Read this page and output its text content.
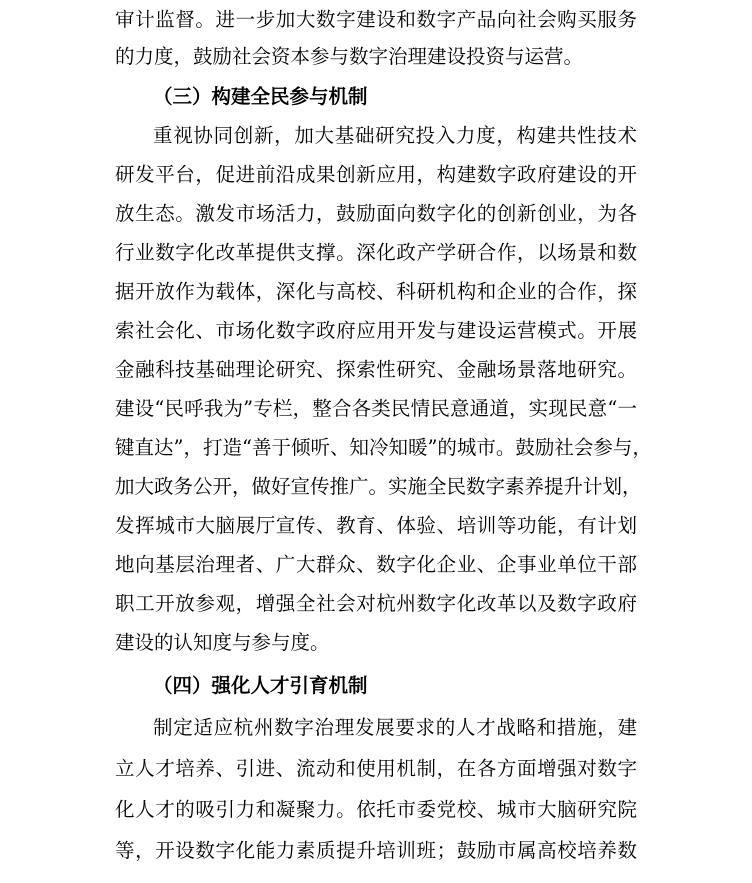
审计监督。进一步加大数字建设和数字产品向社会购买服务
的力度，鼓励社会资本参与数字治理建设投资与运营。
（三）构建全民参与机制
重视协同创新，加大基础研究投入力度，构建共性技术
研发平台，促进前沿成果创新应用，构建数字政府建设的开
放生态。激发市场活力，鼓励面向数字化的创新创业，为各
行业数字化改革提供支撑。深化政产学研合作，以场景和数
据开放作为载体，深化与高校、科研机构和企业的合作，探
索社会化、市场化数字政府应用开发与建设运营模式。开展
金融科技基础理论研究、探索性研究、金融场景落地研究。
建设“民呼我为”专栏，整合各类民情民意通道，实现民意“一
键直达”，打造“善于倾听、知冷知暖”的城市。鼓励社会参与，
加大政务公开，做好宣传推广。实施全民数字素养提升计划，
发挥城市大脑展厅宣传、教育、体验、培训等功能，有计划
地向基层治理者、广大群众、数字化企业、企事业单位干部
职工开放参观，增强全社会对杭州数字化改革以及数字政府
建设的认知度与参与度。
（四）强化人才引育机制
制定适应杭州数字治理发展要求的人才战略和措施，建
立人才培养、引进、流动和使用机制，在各方面增强对数字
化人才的吸引力和凝聚力。依托市委党校、城市大脑研究院
等，开设数字化能力素质提升培训班；鼓励市属高校培养数
